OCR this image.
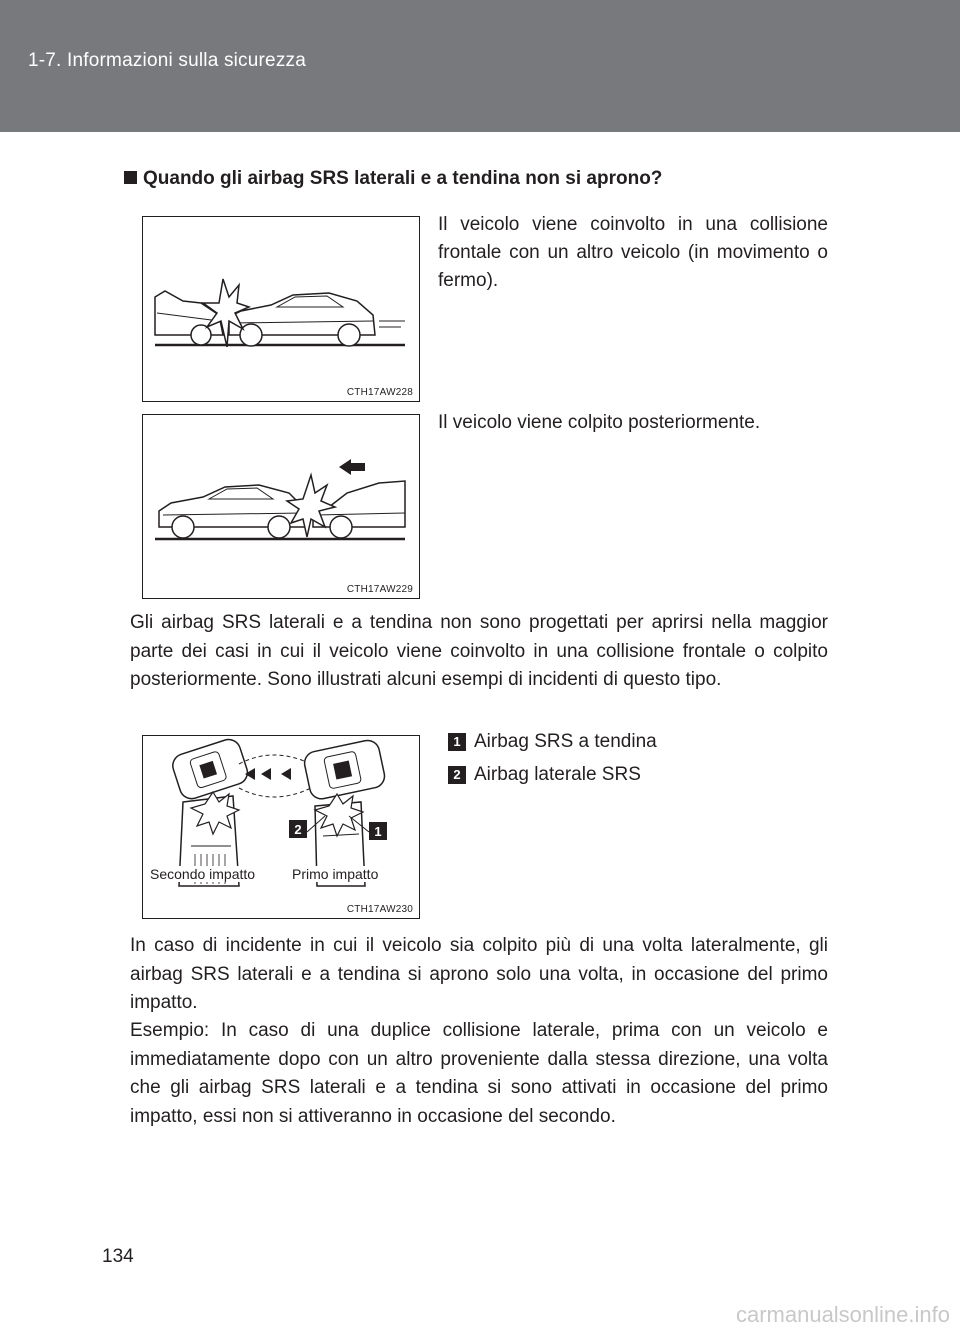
1-7. Informazioni sulla sicurezza
Quando gli airbag SRS laterali e a tendina non si aprono?
CTH17AW228
Il veicolo viene coinvolto in una collisione frontale con un altro veicolo (in movimento o fermo).
CTH17AW229
Il veicolo viene colpito posteriormente.
Gli airbag SRS laterali e a tendina non sono progettati per aprirsi nella maggior parte dei casi in cui il veicolo viene coinvolto in una collisione frontale o colpito posteriormente. Sono illustrati alcuni esempi di incidenti di questo tipo.
2	1
Secondo impatto	Primo impatto
CTH17AW230
1 Airbag SRS a tendina
2 Airbag laterale SRS
In caso di incidente in cui il veicolo sia colpito più di una volta lateralmente, gli airbag SRS laterali e a tendina si aprono solo una volta, in occasione del primo impatto.
Esempio: In caso di una duplice collisione laterale, prima con un veicolo e immediatamente dopo con un altro proveniente dalla stessa direzione, una volta che gli airbag SRS laterali e a tendina si sono attivati in occasione del primo impatto, essi non si attiveranno in occasione del secondo.
134
carmanualsonline.info
